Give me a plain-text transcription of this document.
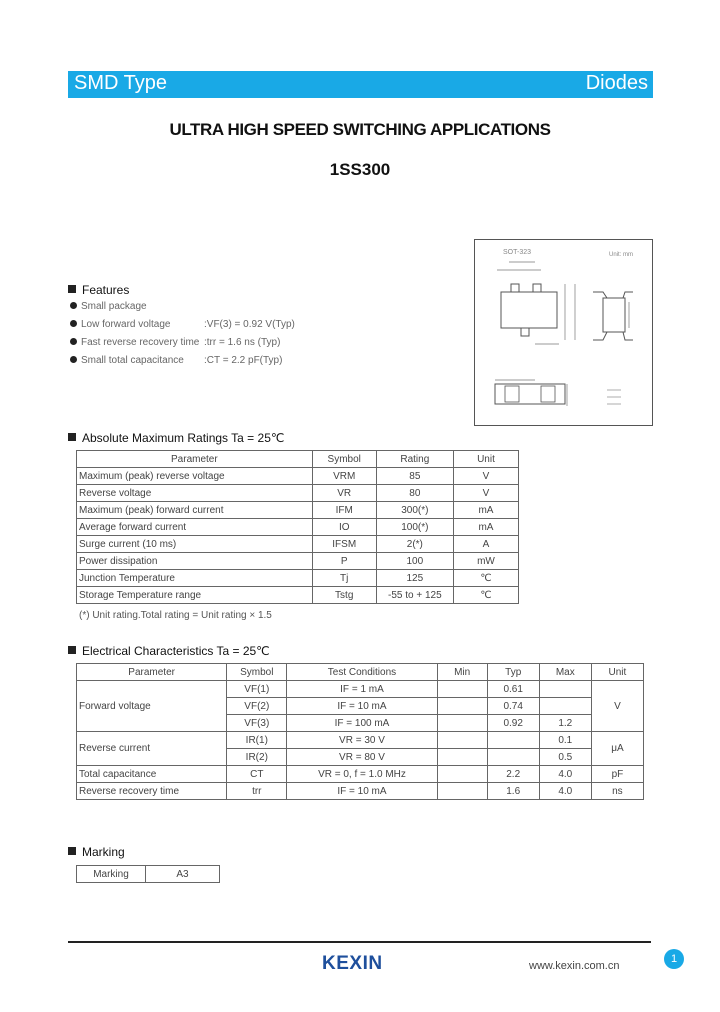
SMD Type	Diodes
ULTRA HIGH SPEED SWITCHING APPLICATIONS
1SS300
SOT-323	Unit: mm
Features
Small package
Low forward voltage	:VF(3) = 0.92 V(Typ)
Fast reverse recovery time :trr = 1.6 ns (Typ)
Small total capacitance :CT = 2.2 pF(Typ)
Absolute Maximum Ratings Ta = 25℃
Parameter	Symbol	Rating	Unit
Maximum (peak) reverse voltage	VRM	85	V
Reverse voltage	VR	80	V
Maximum (peak) forward current	IFM	300(*)	mA
Average forward current	IO	100(*)	mA
Surge current (10 ms)	IFSM	2(*)	A
Power dissipation	P	100	mW
Junction Temperature	Tj	125	℃
Storage Temperature range	Tstg	-55 to + 125	℃
(*) Unit rating.Total rating = Unit rating × 1.5
Electrical Characteristics Ta = 25℃
Parameter	Symbol	Test Conditions	Min	Typ	Max	Unit
Forward voltage	VF(1)	IF = 1 mA		0.61		V
	VF(2)	IF = 10 mA		0.74		
	VF(3)	IF = 100 mA		0.92	1.2	
Reverse current	IR(1)	VR = 30 V			0.1	μA
	IR(2)	VR = 80 V			0.5	
Total capacitance	CT	VR = 0, f = 1.0 MHz		2.2	4.0	pF
Reverse recovery time	trr	IF = 10 mA		1.6	4.0	ns
Marking
Marking	A3
KEXIN	www.kexin.com.cn
1
